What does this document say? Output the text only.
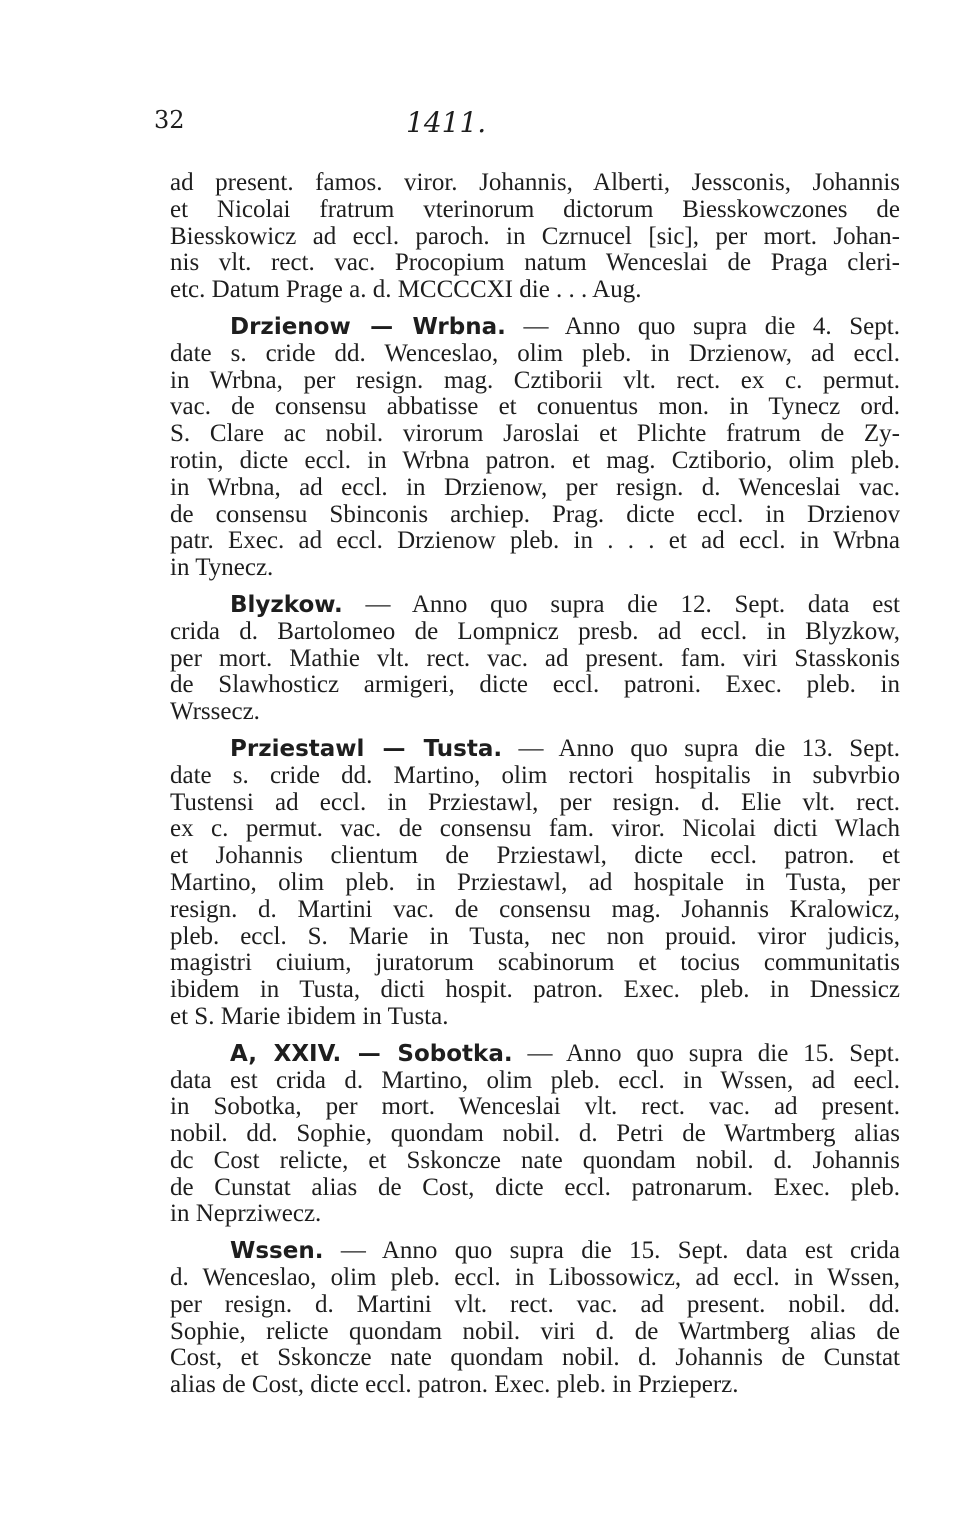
32	1411.
ad present. famos. viror. Johannis, Alberti, Jessconis, Johannis
et Nicolai fratrum vterinorum dictorum Biesskowczones de
Biesskowicz ad eccl. paroch. in Czrnucel [sic], per mort. Johan-
nis vlt. rect. vac. Procopium natum Wenceslai de Praga cleri-
etc. Datum Prage a. d. MCCCCXI die . . . Aug.
Drzienow — Wrbna. — Anno quo supra die 4. Sept.
date s. cride dd. Wenceslao, olim pleb. in Drzienow, ad eccl.
in Wrbna, per resign. mag. Cztiborii vlt. rect. ex c. permut.
vac. de consensu abbatisse et conuentus mon. in Tynecz ord.
S. Clare ac nobil. virorum Jaroslai et Plichte fratrum de Zy-
rotin, dicte eccl. in Wrbna patron. et mag. Cztiborio, olim pleb.
in Wrbna, ad eccl. in Drzienow, per resign. d. Wenceslai vac.
de consensu Sbinconis archiep. Prag. dicte eccl. in Drzienov
patr. Exec. ad eccl. Drzienow pleb. in . . . et ad eccl. in Wrbna
in Tynecz.
Blyzkow. — Anno quo supra die 12. Sept. data est
crida d. Bartolomeo de Lompnicz presb. ad eccl. in Blyzkow,
per mort. Mathie vlt. rect. vac. ad present. fam. viri Stasskonis
de Slawhosticz armigeri, dicte eccl. patroni. Exec. pleb. in
Wrssecz.
Prziestawl — Tusta. — Anno quo supra die 13. Sept.
date s. cride dd. Martino, olim rectori hospitalis in subvrbio
Tustensi ad eccl. in Prziestawl, per resign. d. Elie vlt. rect.
ex c. permut. vac. de consensu fam. viror. Nicolai dicti Wlach
et Johannis clientum de Prziestawl, dicte eccl. patron. et
Martino, olim pleb. in Prziestawl, ad hospitale in Tusta, per
resign. d. Martini vac. de consensu mag. Johannis Kralowicz,
pleb. eccl. S. Marie in Tusta, nec non prouid. viror judicis,
magistri ciuium, juratorum scabinorum et tocius communitatis
ibidem in Tusta, dicti hospit. patron. Exec. pleb. in Dnessicz
et S. Marie ibidem in Tusta.
A, XXIV. — Sobotka. — Anno quo supra die 15. Sept.
data est crida d. Martino, olim pleb. eccl. in Wssen, ad eecl.
in Sobotka, per mort. Wenceslai vlt. rect. vac. ad present.
nobil. dd. Sophie, quondam nobil. d. Petri de Wartmberg alias
dc Cost relicte, et Sskoncze nate quondam nobil. d. Johannis
de Cunstat alias de Cost, dicte eccl. patronarum. Exec. pleb.
in Neprziwecz.
Wssen. — Anno quo supra die 15. Sept. data est crida
d. Wenceslao, olim pleb. eccl. in Libossowicz, ad eccl. in Wssen,
per resign. d. Martini vlt. rect. vac. ad present. nobil. dd.
Sophie, relicte quondam nobil. viri d. de Wartmberg alias de
Cost, et Sskoncze nate quondam nobil. d. Johannis de Cunstat
alias de Cost, dicte eccl. patron. Exec. pleb. in Przieperz.
